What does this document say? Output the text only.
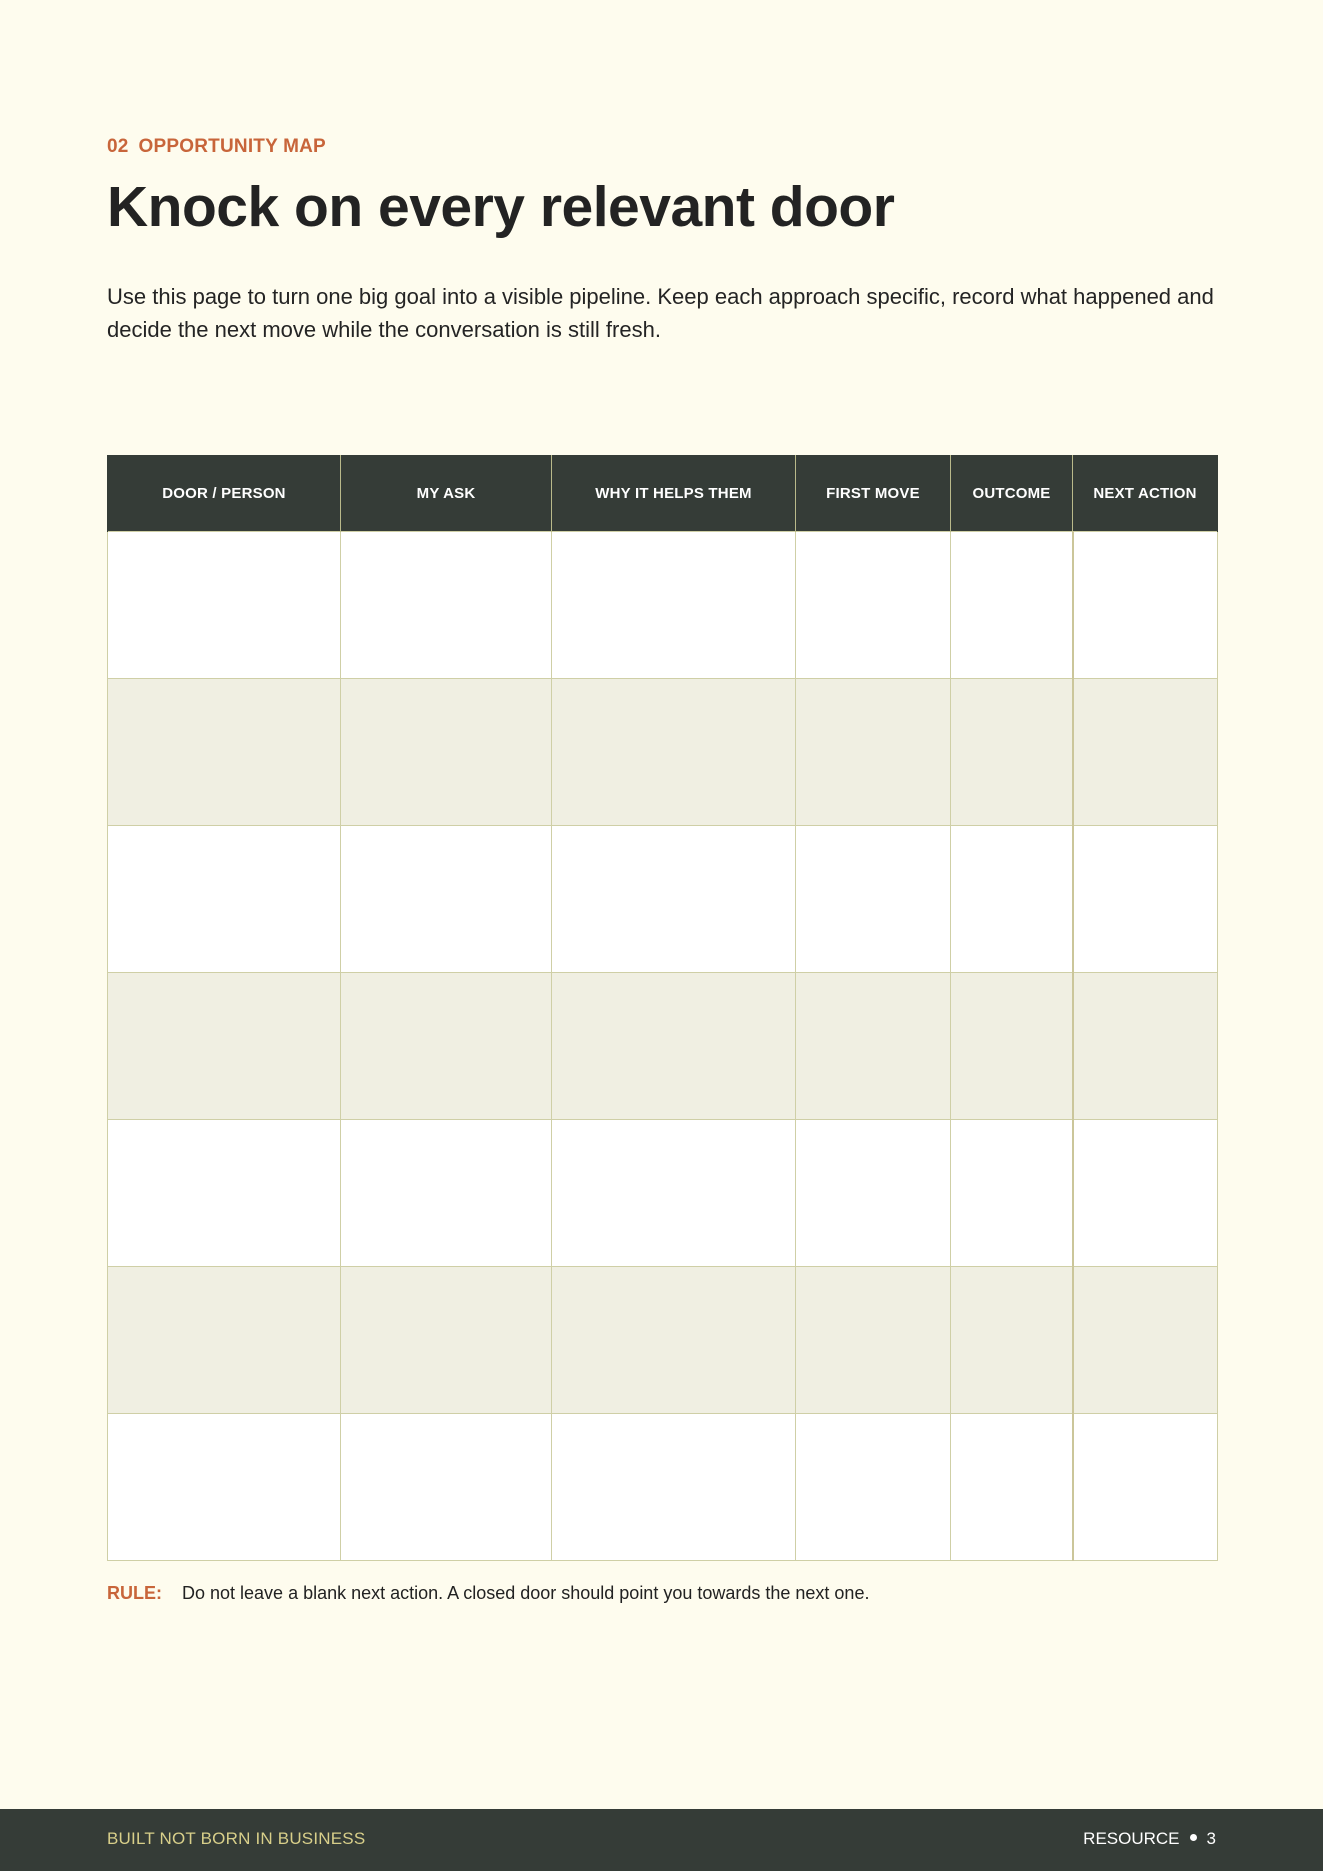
02 OPPORTUNITY MAP
Knock on every relevant door

Use this page to turn one big goal into a visible pipeline. Keep each approach specific, record what happened and decide the next move while the conversation is still fresh.

DOOR / PERSON	MY ASK	WHY IT HELPS THEM	FIRST MOVE	OUTCOME	NEXT ACTION

RULE: Do not leave a blank next action. A closed door should point you towards the next one.
BUILT NOT BORN IN BUSINESS	RESOURCE 3
